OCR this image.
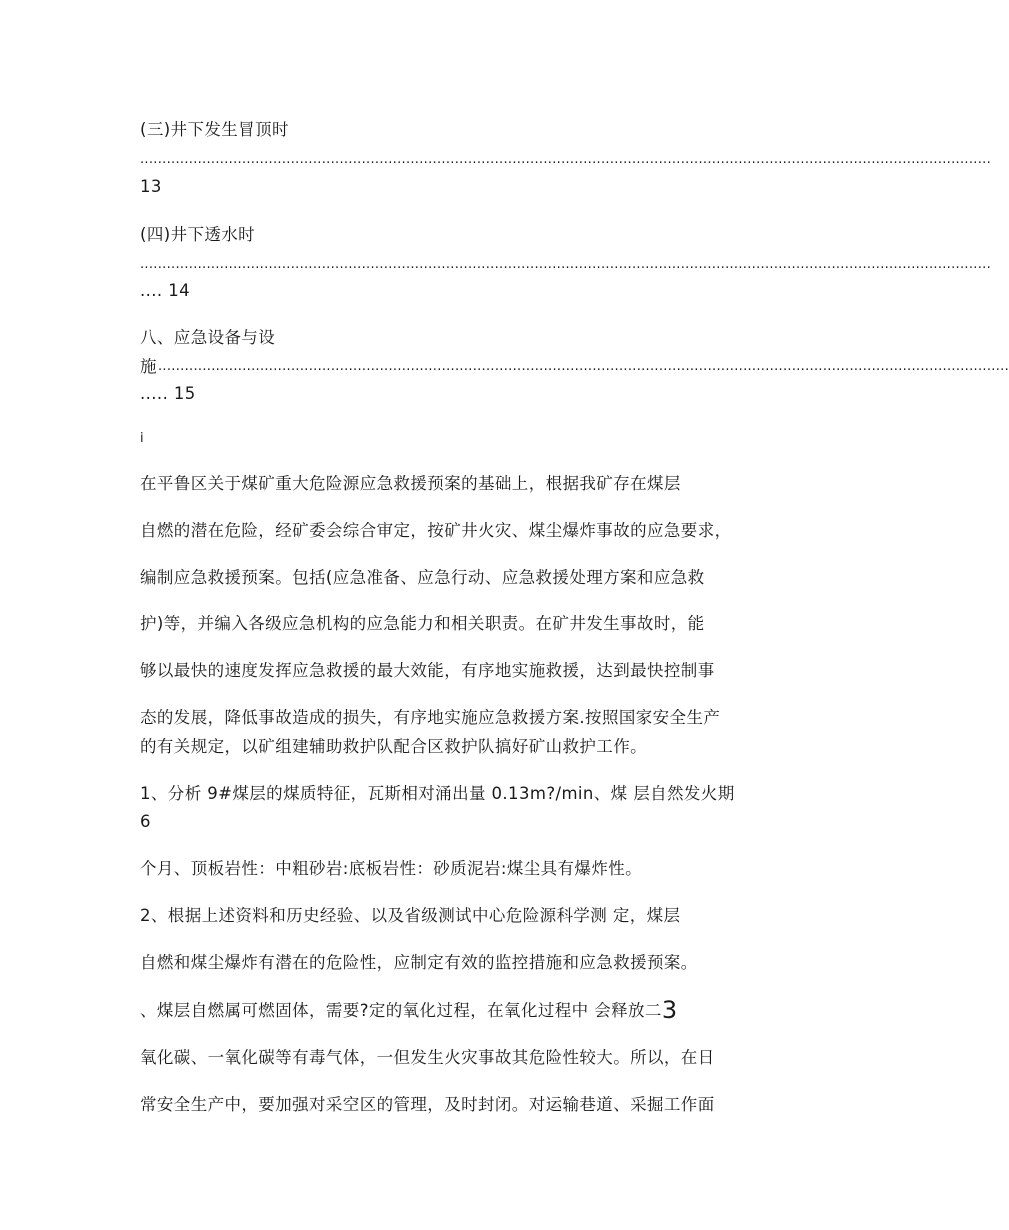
(三)井下发生冒顶时
................................................................................................................................................................................................
13
(四)井下透水时
................................................................................................................................................................................................
.... 14
八、应急设备与设
施 ................................................................................................................................................................................................
..... 15
i
在平鲁区关于煤矿重大危险源应急救援预案的基础上，根据我矿存在煤层
自燃的潜在危险，经矿委会综合审定，按矿井火灾、煤尘爆炸事故的应急要求，
编制应急救援预案。包括(应急准备、应急行动、应急救援处理方案和应急救
护)等，并编入各级应急机构的应急能力和相关职责。在矿井发生事故时，能
够以最快的速度发挥应急救援的最大效能，有序地实施救援，达到最快控制事
态的发展，降低事故造成的损失，有序地实施应急救援方案.按照国家安全生产
的有关规定，以矿组建辅助救护队配合区救护队搞好矿山救护工作。
1、分析 9#煤层的煤质特征，瓦斯相对涌出量 0.13m?/min、煤 层自然发火期
6
个月、顶板岩性：中粗砂岩:底板岩性：砂质泥岩:煤尘具有爆炸性。
2、根据上述资料和历史经验、以及省级测试中心危险源科学测 定，煤层
自燃和煤尘爆炸有潜在的危险性，应制定有效的监控措施和应急救援预案。
、煤层自燃属可燃固体，需要?定的氧化过程，在氧化过程中 会释放二3
氧化碳、一氧化碳等有毒气体，一但发生火灾事故其危险性较大。所以，在日
常安全生产中，要加强对采空区的管理，及时封闭。对运输巷道、采掘工作面
